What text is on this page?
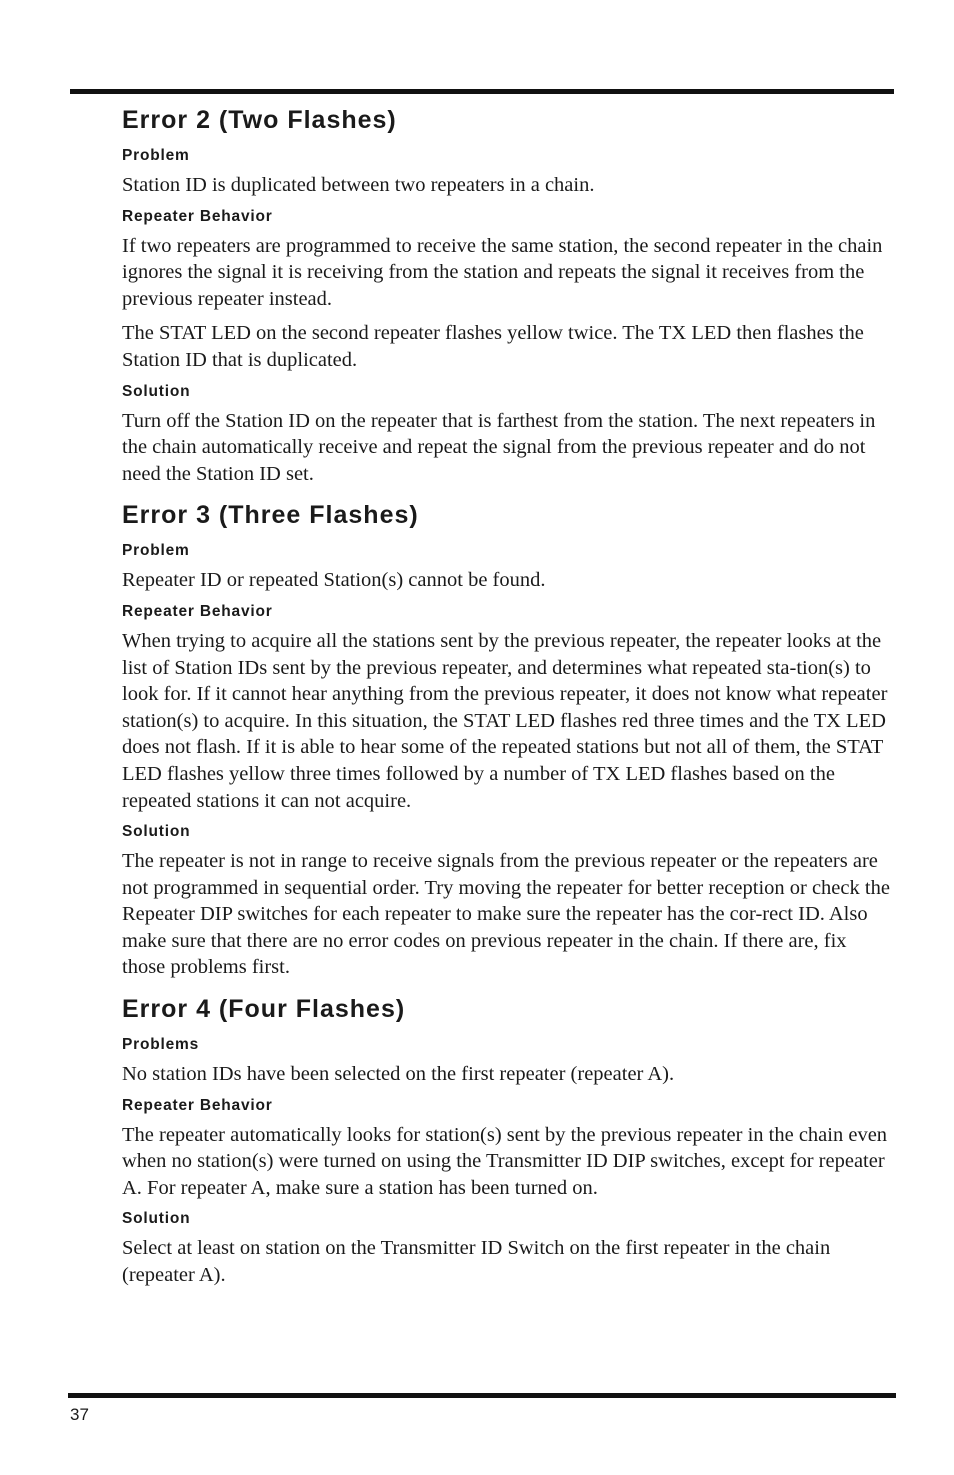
Error 2 (Two Flashes)
Problem

Station ID is duplicated between two repeaters in a chain.

Repeater Behavior

If two repeaters are programmed to receive the same station, the second repeater in the chain ignores the signal it is receiving from the station and repeats the signal it receives from the previous repeater instead.

The STAT LED on the second repeater flashes yellow twice. The TX LED then flashes the Station ID that is duplicated.

Solution

Turn off the Station ID on the repeater that is farthest from the station. The next repeaters in the chain automatically receive and repeat the signal from the previous repeater and do not need the Station ID set.

Error 3 (Three Flashes)
Problem

Repeater ID or repeated Station(s) cannot be found.

Repeater Behavior

When trying to acquire all the stations sent by the previous repeater, the repeater looks at the list of Station IDs sent by the previous repeater, and determines what repeated sta-tion(s) to look for. If it cannot hear anything from the previous repeater, it does not know what repeater station(s) to acquire. In this situation, the STAT LED flashes red three times and the TX LED does not flash. If it is able to hear some of the repeated stations but not all of them, the STAT LED flashes yellow three times followed by a number of TX LED flashes based on the repeated stations it can not acquire.

Solution

The repeater is not in range to receive signals from the previous repeater or the repeaters are not programmed in sequential order. Try moving the repeater for better reception or check the Repeater DIP switches for each repeater to make sure the repeater has the cor-rect ID. Also make sure that there are no error codes on previous repeater in the chain. If there are, fix those problems first.

Error 4 (Four Flashes)
Problems

No station IDs have been selected on the first repeater (repeater A).

Repeater Behavior

The repeater automatically looks for station(s) sent by the previous repeater in the chain even when no station(s) were turned on using the Transmitter ID DIP switches, except for repeater A. For repeater A, make sure a station has been turned on.

Solution

Select at least on station on the Transmitter ID Switch on the first repeater in the chain (repeater A).

37
